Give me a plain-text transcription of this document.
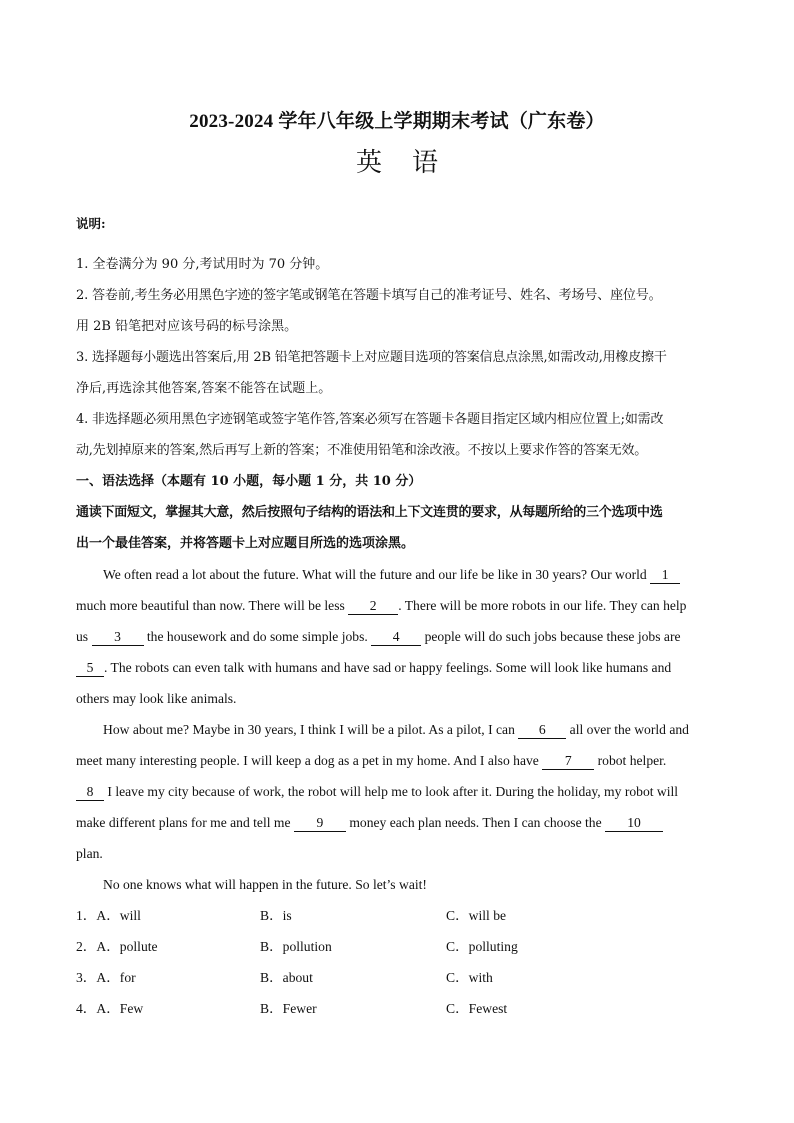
2023-2024 学年八年级上学期期末考试（广东卷）
英语

说明:

1. 全卷满分为 90 分,考试用时为 70 分钟。

2. 答卷前,考生务必用黑色字迹的签字笔或钢笔在答题卡填写自己的准考证号、姓名、考场号、座位号。

用 2B 铅笔把对应该号码的标号涂黑。

3. 选择题每小题选出答案后,用 2B 铅笔把答题卡上对应题目选项的答案信息点涂黑,如需改动,用橡皮擦干

净后,再选涂其他答案,答案不能答在试题上。

4. 非选择题必须用黑色字迹钢笔或签字笔作答,答案必须写在答题卡各题目指定区域内相应位置上;如需改

动,先划掉原来的答案,然后再写上新的答案；不准使用铅笔和涂改液。不按以上要求作答的答案无效。

一、语法选择（本题有 10 小题，每小题 1 分，共 10 分）

通读下面短文，掌握其大意，然后按照句子结构的语法和上下文连贯的要求，从每题所给的三个选项中选

出一个最佳答案，并将答题卡上对应题目所选的选项涂黑。

We often read a lot about the future. What will the future and our life be like in 30 years? Our world 1

much more beautiful than now. There will be less 2 . There will be more robots in our life. They can help

us 3 the housework and do some simple jobs. 4 people will do such jobs because these jobs are

5 . The robots can even talk with humans and have sad or happy feelings. Some will look like humans and

others may look like animals.

How about me? Maybe in 30 years, I think I will be a pilot. As a pilot, I can 6 all over the world and

meet many interesting people. I will keep a dog as a pet in my home. And I also have 7 robot helper.

8 I leave my city because of work, the robot will help me to look after it. During the holiday, my robot will

make different plans for me and tell me 9 money each plan needs. Then I can choose the 10

plan.

No one knows what will happen in the future. So let’s wait!

1．A．will	B．is	C．will be
2．A．pollute	B．pollution	C．polluting
3．A．for	B．about	C．with
4．A．Few	B．Fewer	C．Fewest
